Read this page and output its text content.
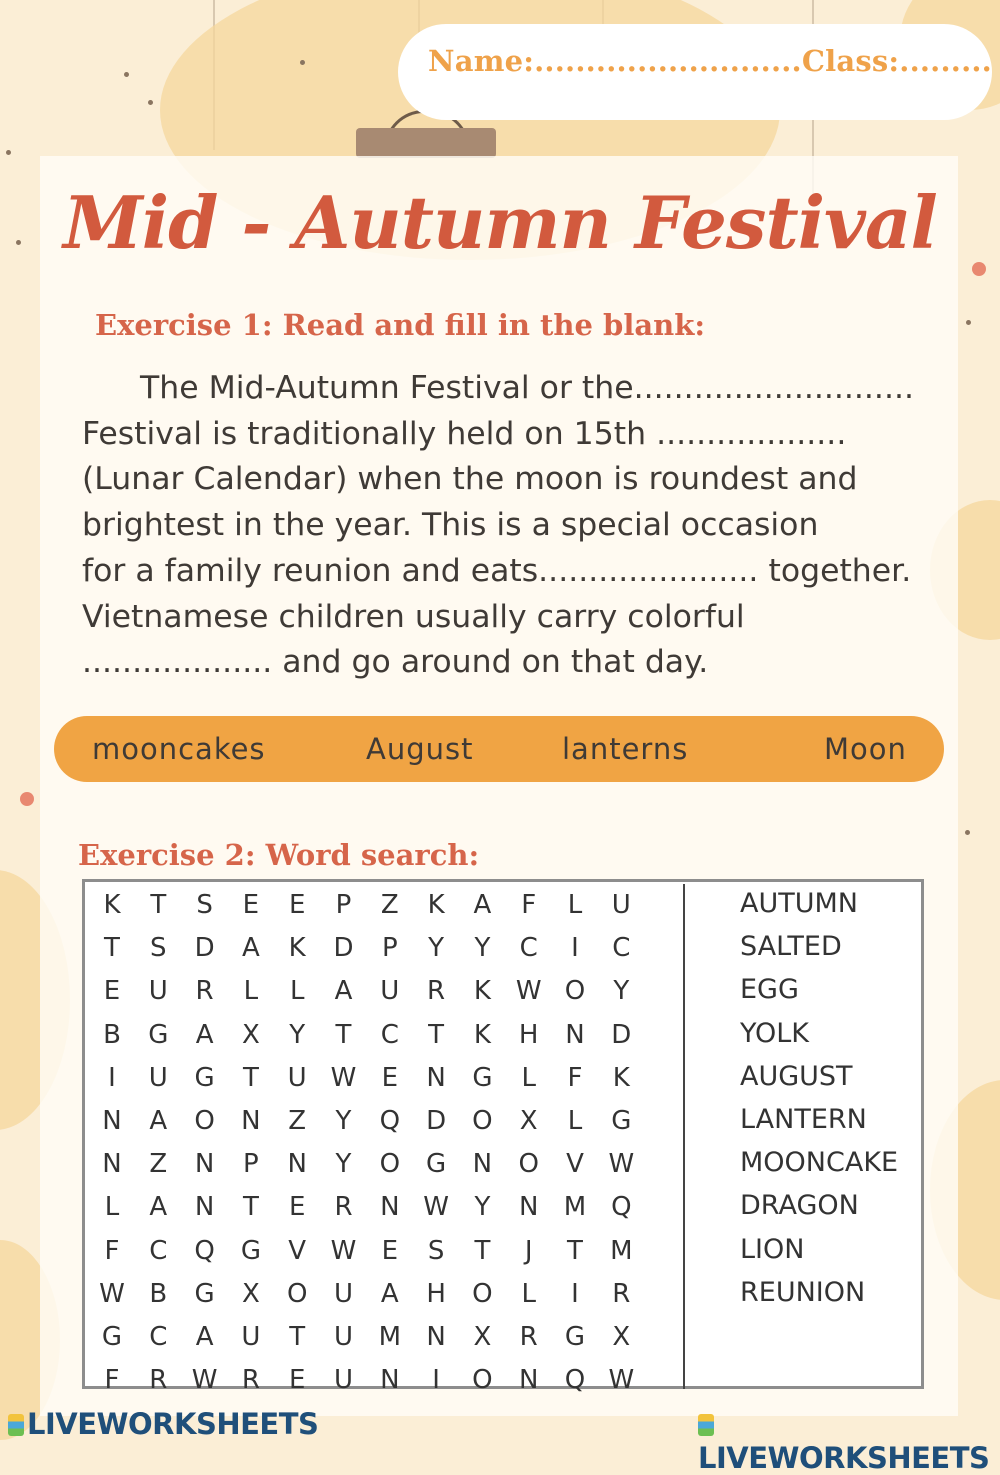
Name:..........................Class:.........
Mid - Autumn Festival
Exercise 1: Read and fill in the blank:
The Mid-Autumn Festival or the............................
Festival is traditionally held on 15th ...................
(Lunar Calendar) when the moon is roundest and
brightest in the year. This is a special occasion
for a family reunion and eats...................... together.
Vietnamese children usually carry colorful
................... and go around on that day.
mooncakes	August	lanterns	Moon
Exercise 2: Word search:
K T S E E P Z K A F L U
T S D A K D P Y Y C	I	C
E U R L L A U R K W O Y
B G A X Y T C T K H N D
I	U G T U W E N G L F K
N A O N Z Y Q D O X L G
N Z N P N Y O G N O V W
L A N T E R N W Y N M Q
F C Q G V W E S T	J	T M
W B G X O U A H O L	I	R
G C A U T U M N X R G X
F R W R E U N	I	O N Q W
AUTUMN
SALTED
EGG
YOLK
AUGUST
LANTERN
MOONCAKE
DRAGON
LION
REUNION
LIVEWORKSHEETS
LIVEWORKSHEETS
